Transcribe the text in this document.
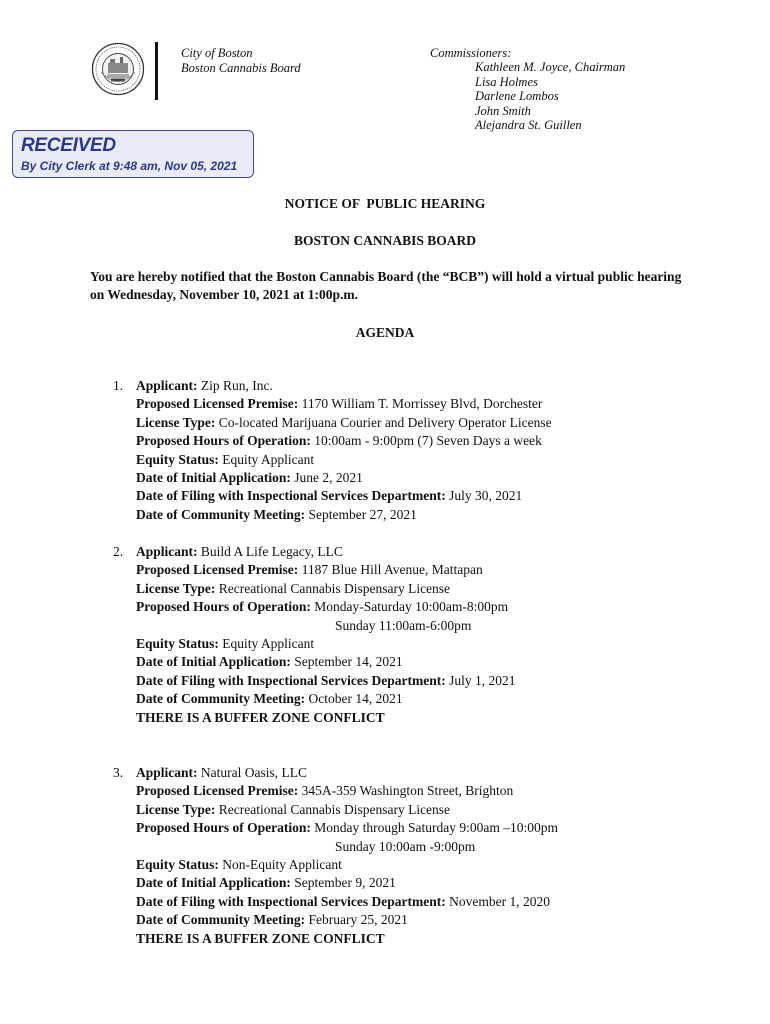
City of Boston
Boston Cannabis Board
Commissioners:
Kathleen M. Joyce, Chairman
Lisa Holmes
Darlene Lombos
John Smith
Alejandra St. Guillen
RECEIVED
By City Clerk at 9:48 am, Nov 05, 2021
NOTICE OF  PUBLIC HEARING
BOSTON CANNABIS BOARD
You are hereby notified that the Boston Cannabis Board (the “BCB”) will hold a virtual public hearing on Wednesday, November 10, 2021 at 1:00p.m.
AGENDA
1. Applicant: Zip Run, Inc.
Proposed Licensed Premise: 1170 William T. Morrissey Blvd, Dorchester
License Type: Co-located Marijuana Courier and Delivery Operator License
Proposed Hours of Operation: 10:00am - 9:00pm (7) Seven Days a week
Equity Status: Equity Applicant
Date of Initial Application: June 2, 2021
Date of Filing with Inspectional Services Department: July 30, 2021
Date of Community Meeting: September 27, 2021
2. Applicant: Build A Life Legacy, LLC
Proposed Licensed Premise: 1187 Blue Hill Avenue, Mattapan
License Type: Recreational Cannabis Dispensary License
Proposed Hours of Operation: Monday-Saturday 10:00am-8:00pm
Sunday 11:00am-6:00pm
Equity Status: Equity Applicant
Date of Initial Application: September 14, 2021
Date of Filing with Inspectional Services Department: July 1, 2021
Date of Community Meeting: October 14, 2021
THERE IS A BUFFER ZONE CONFLICT
3. Applicant: Natural Oasis, LLC
Proposed Licensed Premise: 345A-359 Washington Street, Brighton
License Type: Recreational Cannabis Dispensary License
Proposed Hours of Operation: Monday through Saturday 9:00am –10:00pm
Sunday 10:00am -9:00pm
Equity Status: Non-Equity Applicant
Date of Initial Application: September 9, 2021
Date of Filing with Inspectional Services Department: November 1, 2020
Date of Community Meeting: February 25, 2021
THERE IS A BUFFER ZONE CONFLICT
